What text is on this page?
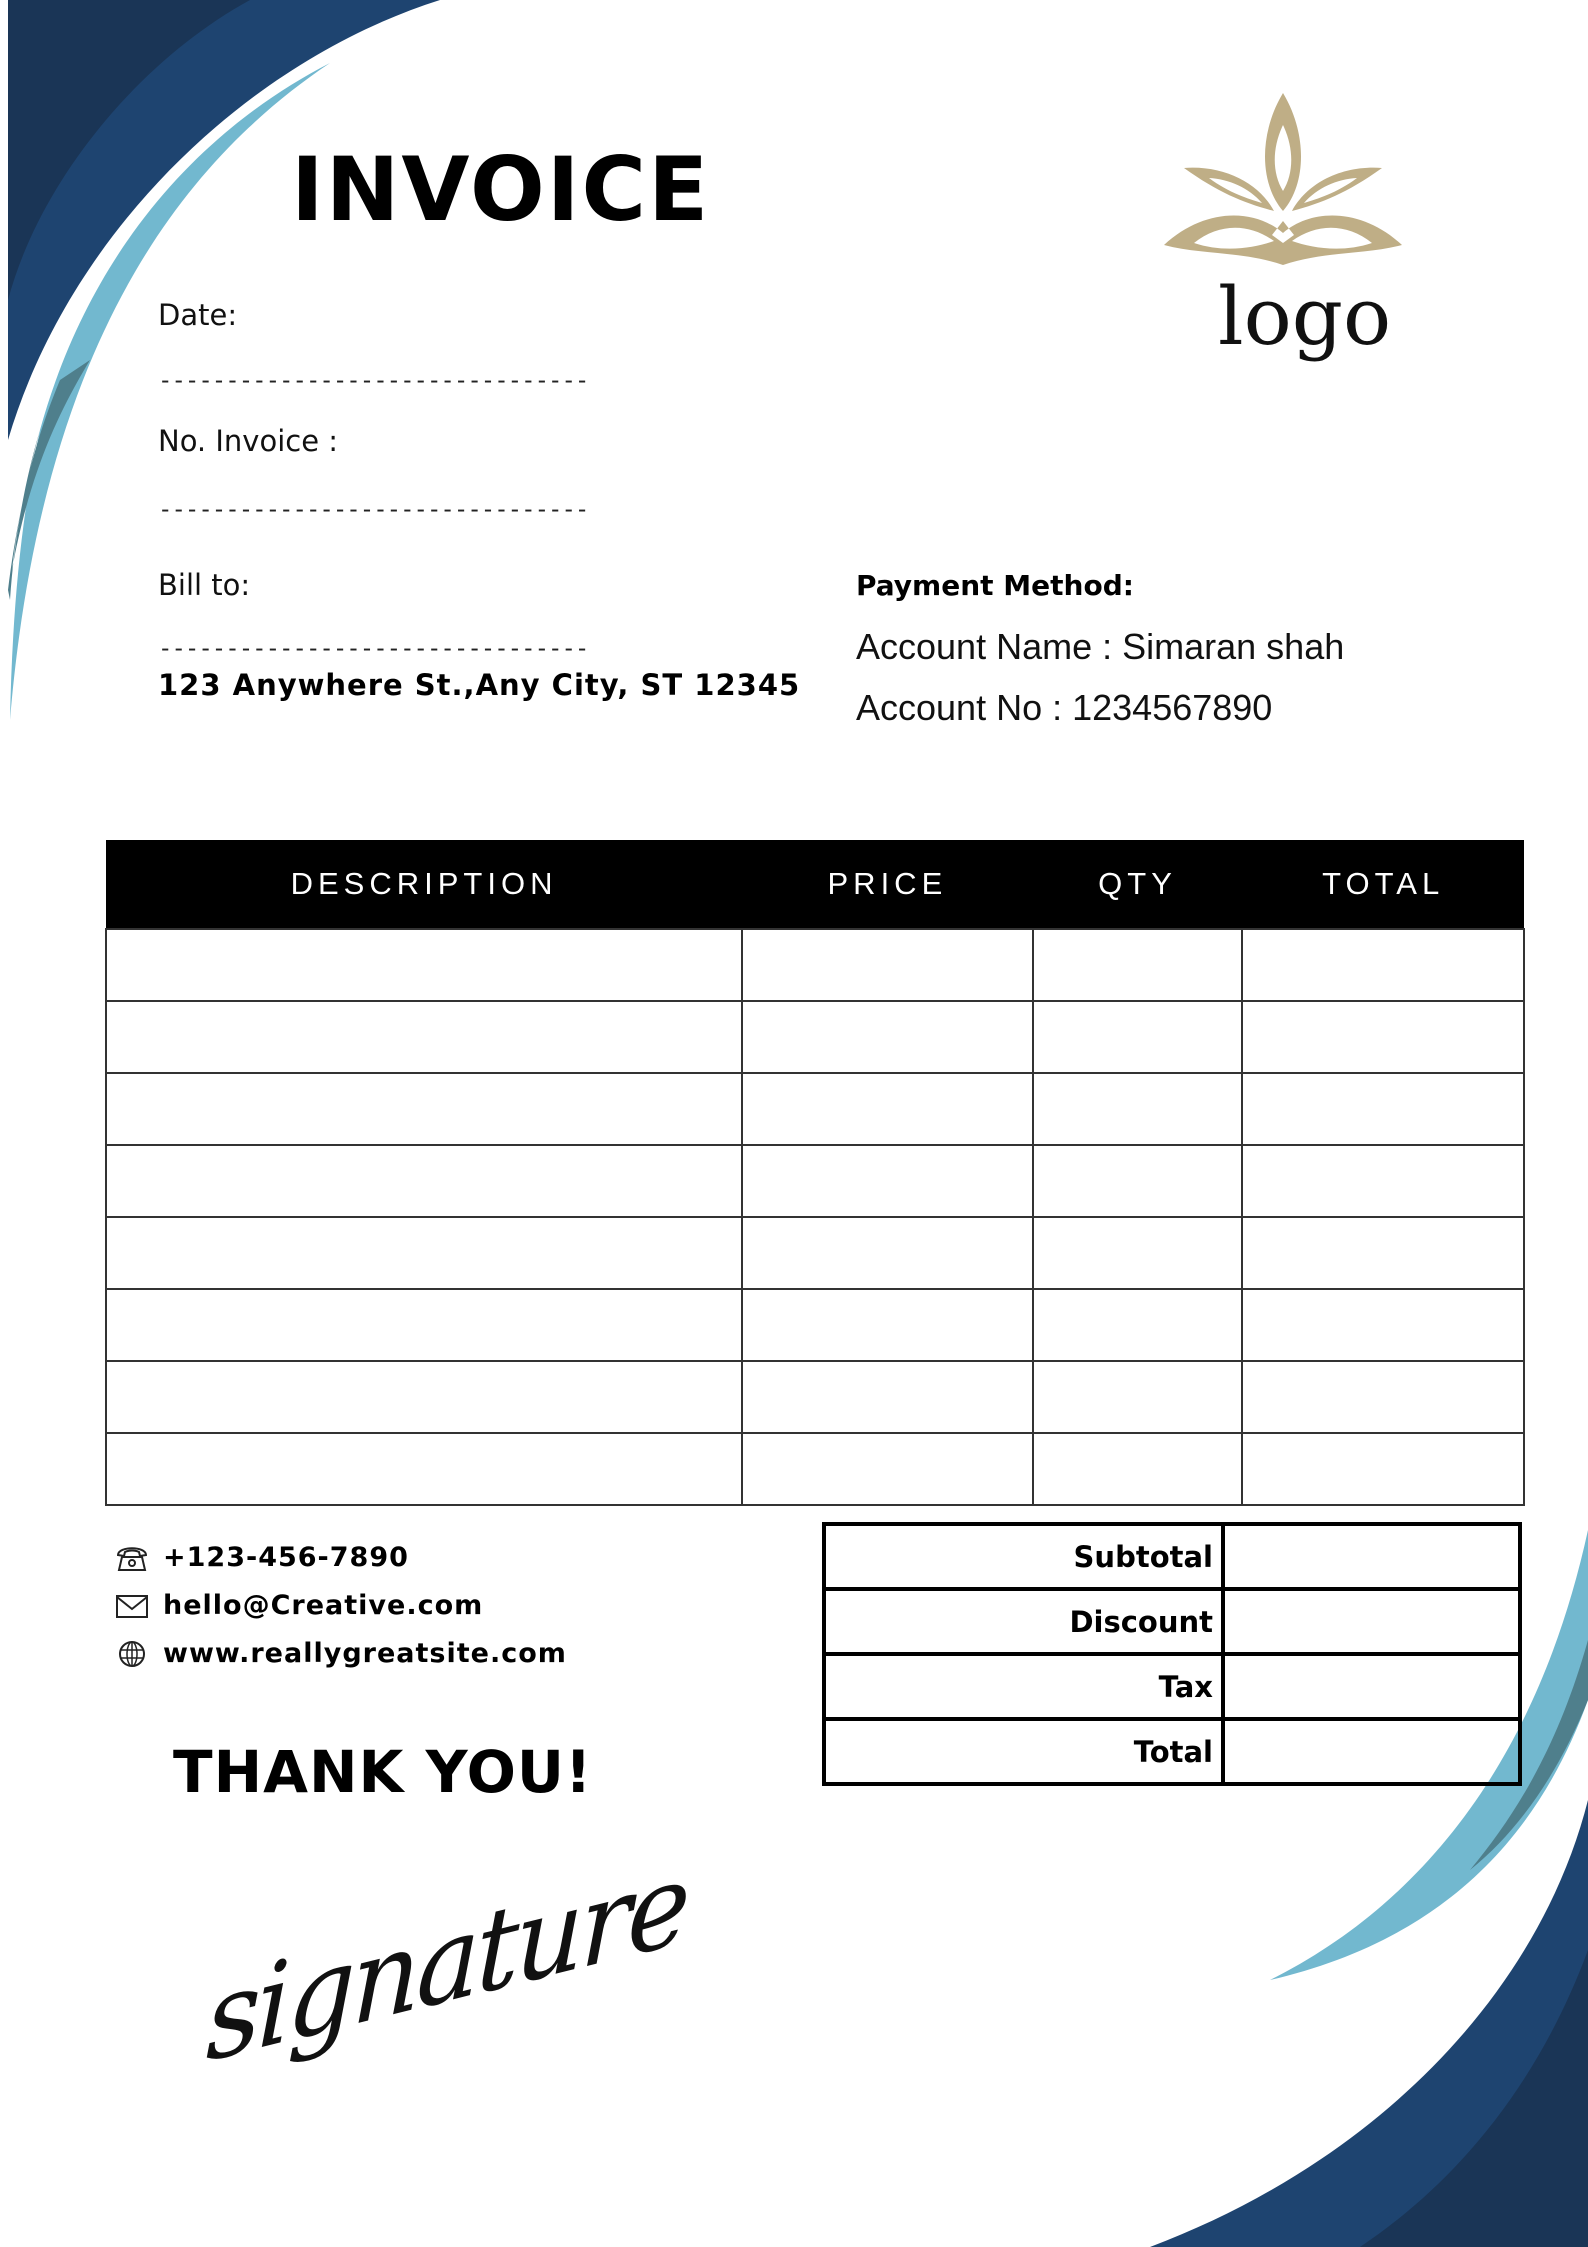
INVOICE
Date:
--------------------------------
No. Invoice :
--------------------------------
Bill to:
--------------------------------
123 Anywhere St.,Any City, ST 12345
logo
Payment Method:
Account Name : Simaran shah
Account No : 1234567890
DESCRIPTION	PRICE	QTY	TOTAL

+123-456-7890
hello@Creative.com
www.reallygreatsite.com
THANK YOU!
Subtotal	
Discount	
Tax	
Total	
signature
